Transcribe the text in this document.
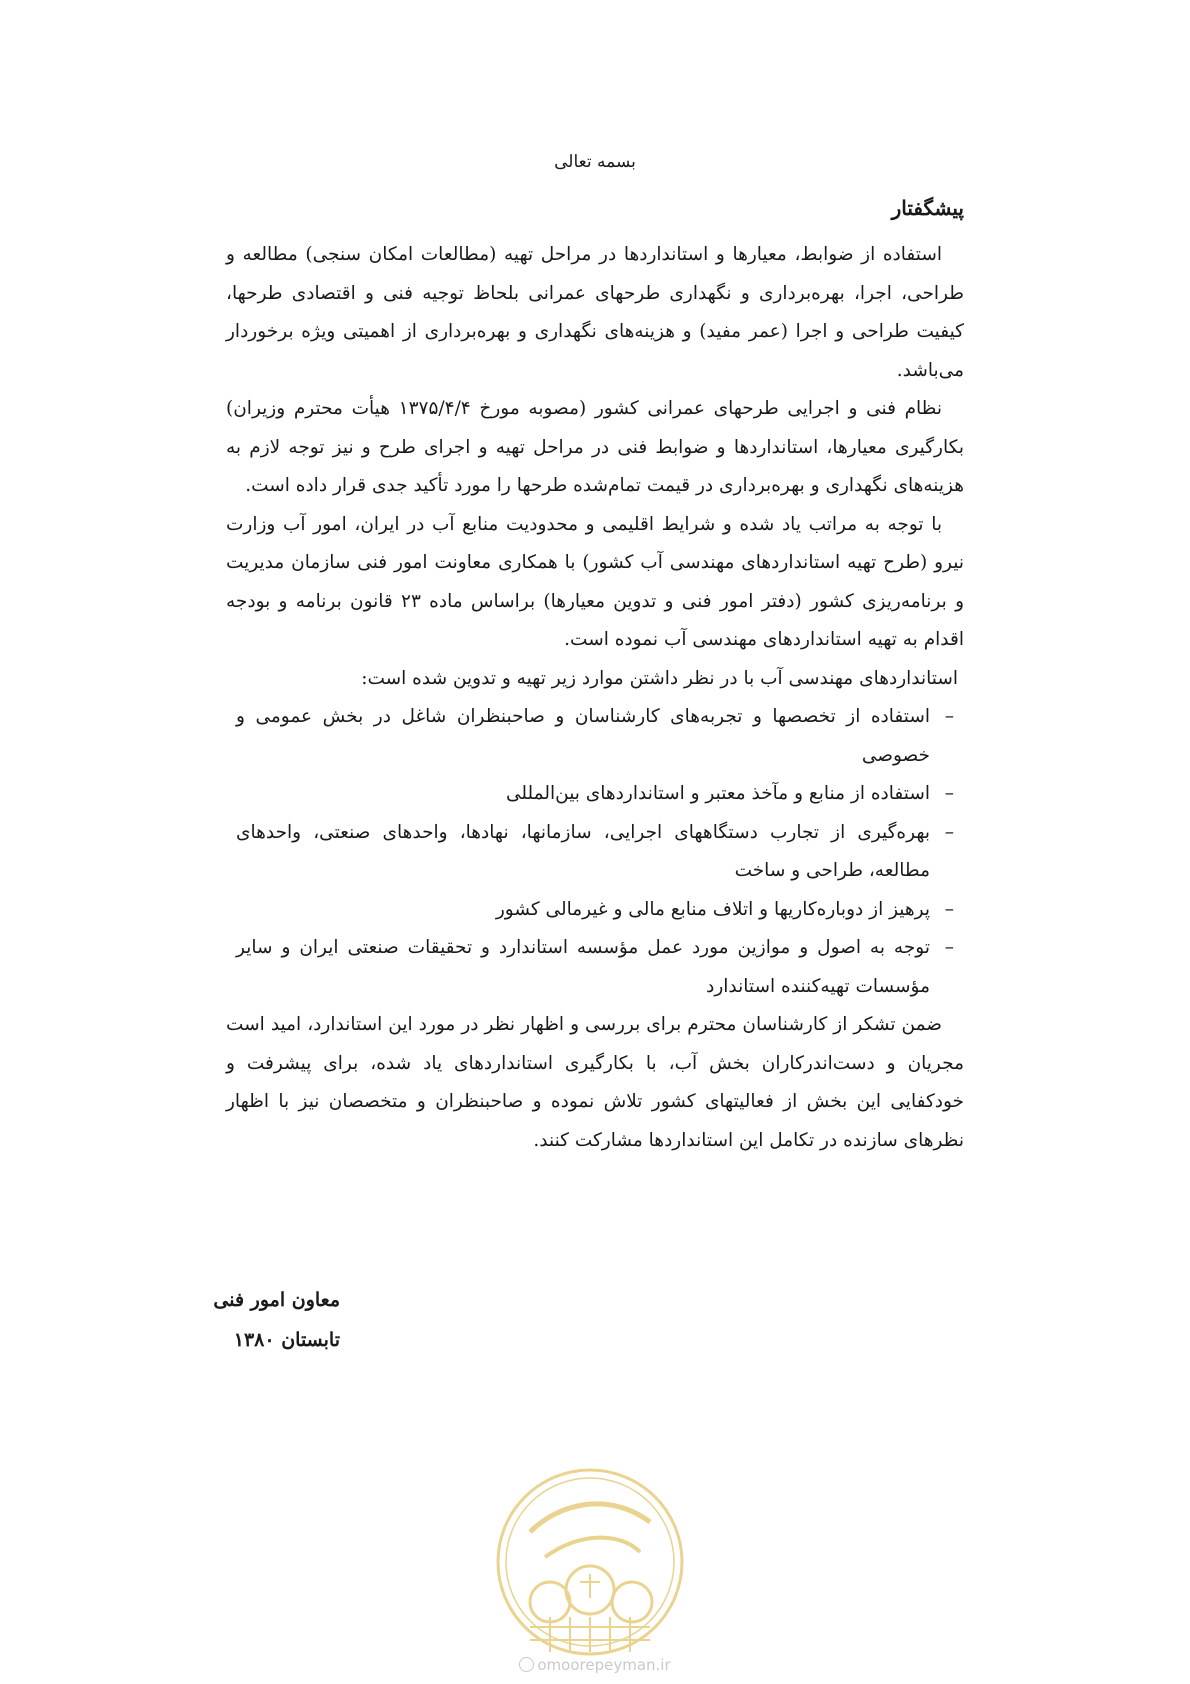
بسمه تعالی
پیشگفتار

استفاده از ضوابط، معیارها و استانداردها در مراحل تهیه (مطالعات امکان سنجی) مطالعه و طراحی، اجرا، بهره‌برداری و نگهداری طرحهای عمرانی بلحاظ توجیه فنی و اقتصادی طرحها، کیفیت طراحی و اجرا (عمر مفید) و هزینه‌های نگهداری و بهره‌برداری از اهمیتی ویژه برخوردار می‌باشد.

نظام فنی و اجرایی طرحهای عمرانی کشور (مصوبه مورخ ۱۳۷۵/۴/۴ هیأت محترم وزیران) بکارگیری معیارها، استانداردها و ضوابط فنی در مراحل تهیه و اجرای طرح و نیز توجه لازم به هزینه‌های نگهداری و بهره‌برداری در قیمت تمام‌شده طرحها را مورد تأکید جدی قرار داده است.

با توجه به مراتب یاد شده و شرایط اقلیمی و محدودیت منابع آب در ایران، امور آب وزارت نیرو (طرح تهیه استانداردهای مهندسی آب کشور) با همکاری معاونت امور فنی سازمان مدیریت و برنامه‌ریزی کشور (دفتر امور فنی و تدوین معیارها) براساس ماده ۲۳ قانون برنامه و بودجه اقدام به تهیه استانداردهای مهندسی آب نموده است.

استانداردهای مهندسی آب با در نظر داشتن موارد زیر تهیه و تدوین شده است:

–
استفاده از تخصصها و تجربه‌های کارشناسان و صاحبنظران شاغل در بخش عمومی و خصوصی
–
استفاده از منابع و مآخذ معتبر و استانداردهای بین‌المللی
–
بهره‌گیری از تجارب دستگاههای اجرایی، سازمانها، نهادها، واحدهای صنعتی، واحدهای مطالعه، طراحی و ساخت
–
پرهیز از دوباره‌کاریها و اتلاف منابع مالی و غیرمالی کشور
–
توجه به اصول و موازین مورد عمل مؤسسه استاندارد و تحقیقات صنعتی ایران و سایر مؤسسات تهیه‌کننده استاندارد

ضمن تشکر از کارشناسان محترم برای بررسی و اظهار نظر در مورد این استاندارد، امید است مجریان و دست‌اندرکاران بخش آب، با بکارگیری استانداردهای یاد شده، برای پیشرفت و خودکفایی این بخش از فعالیتهای کشور تلاش نموده و صاحبنظران و متخصصان نیز با اظهار نظرهای سازنده در تکامل این استانداردها مشارکت کنند.

معاون امور فنی
تابستان ۱۳۸۰
omoorepeyman.ir
